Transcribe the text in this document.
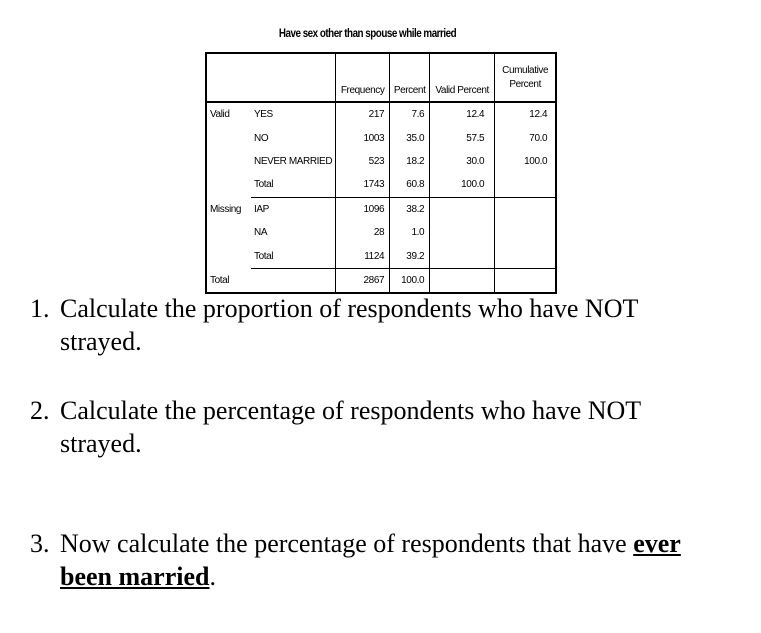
Have sex other than spouse while married
		Frequency	Percent	Valid Percent	Cumulative
Percent
Valid	YES	217	7.6	12.4	12.4
	NO	1003	35.0	57.5	70.0
	NEVER MARRIED	523	18.2	30.0	100.0
	Total	1743	60.8	100.0	
Missing	IAP	1096	38.2		
	NA	28	1.0		
	Total	1124	39.2		
Total		2867	100.0		
1. Calculate the proportion of respondents who have NOT
strayed.
2. Calculate the percentage of respondents who have NOT
strayed.
3. Now calculate the percentage of respondents that have ever
been married.
